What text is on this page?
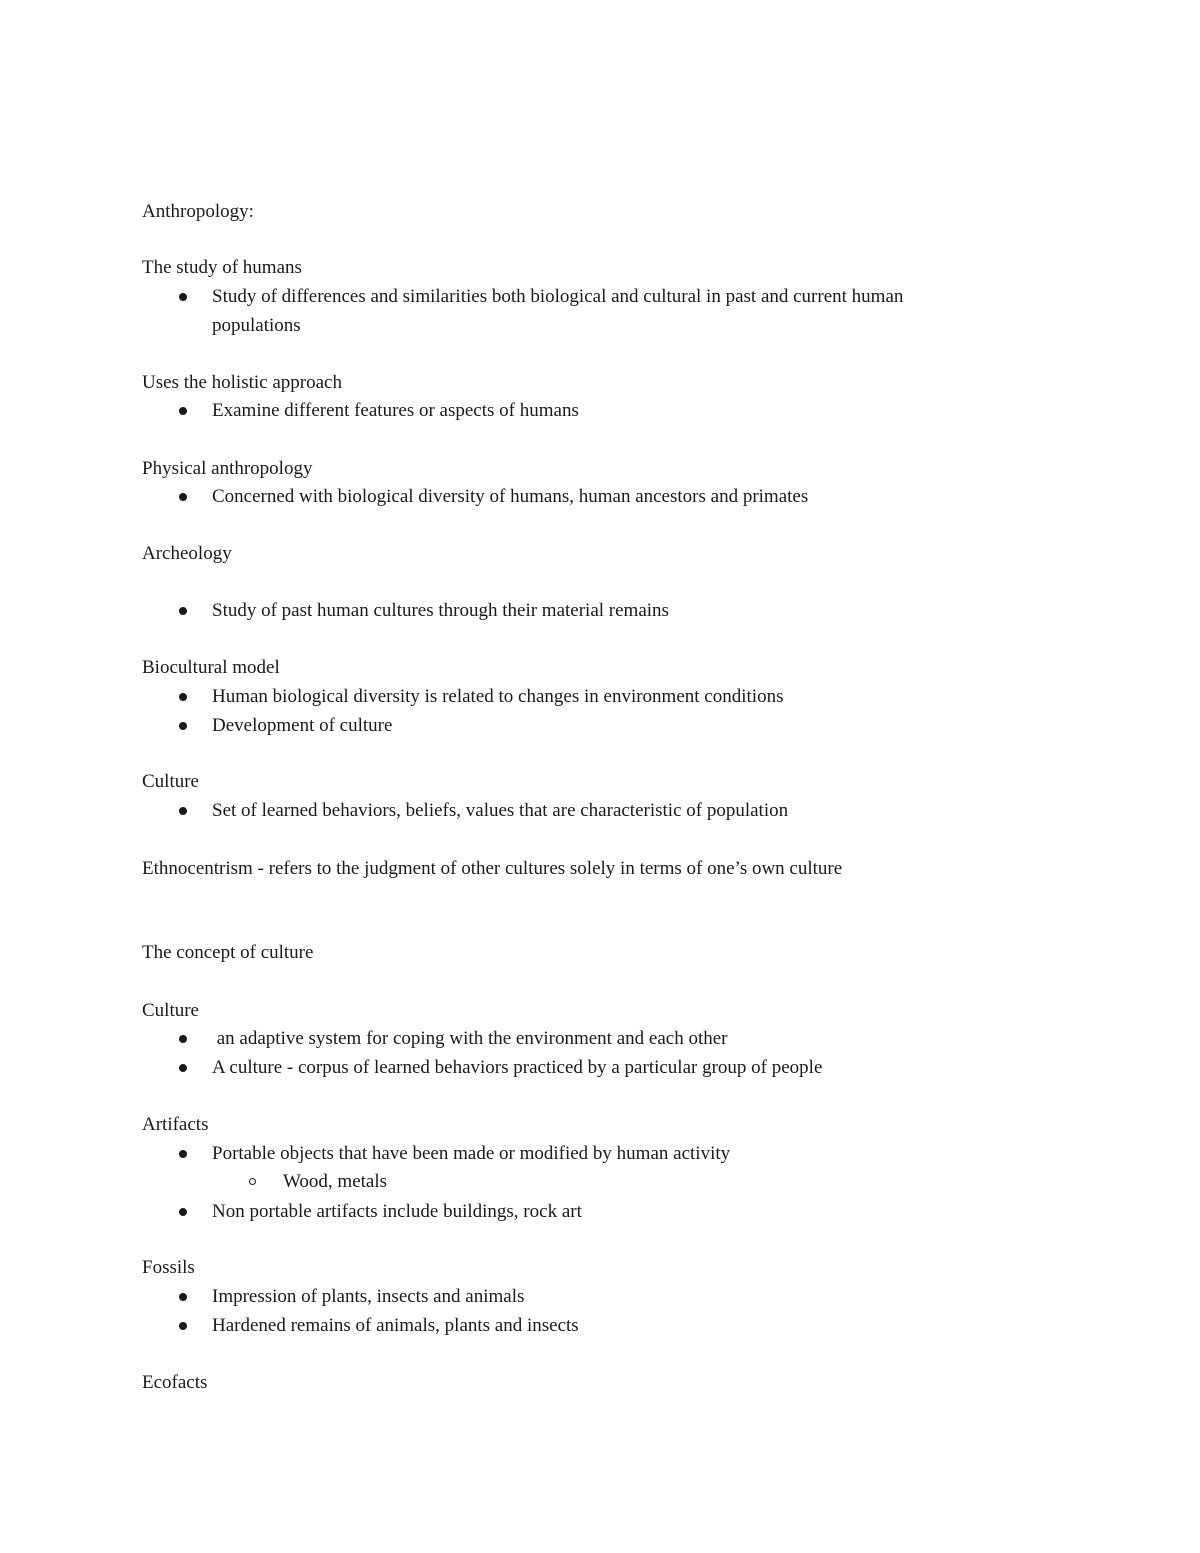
Anthropology:
The study of humans
Study of differences and similarities both biological and cultural in past and current human
populations
Uses the holistic approach
Examine different features or aspects of humans
Physical anthropology
Concerned with biological diversity of humans, human ancestors and primates
Archeology
Study of past human cultures through their material remains
Biocultural model
Human biological diversity is related to changes in environment conditions
Development of culture
Culture
Set of learned behaviors, beliefs, values that are characteristic of population
Ethnocentrism - refers to the judgment of other cultures solely in terms of one’s own culture
The concept of culture
Culture
an adaptive system for coping with the environment and each other
A culture - corpus of learned behaviors practiced by a particular group of people
Artifacts
Portable objects that have been made or modified by human activity
Wood, metals
Non portable artifacts include buildings, rock art
Fossils
Impression of plants, insects and animals
Hardened remains of animals, plants and insects
Ecofacts
